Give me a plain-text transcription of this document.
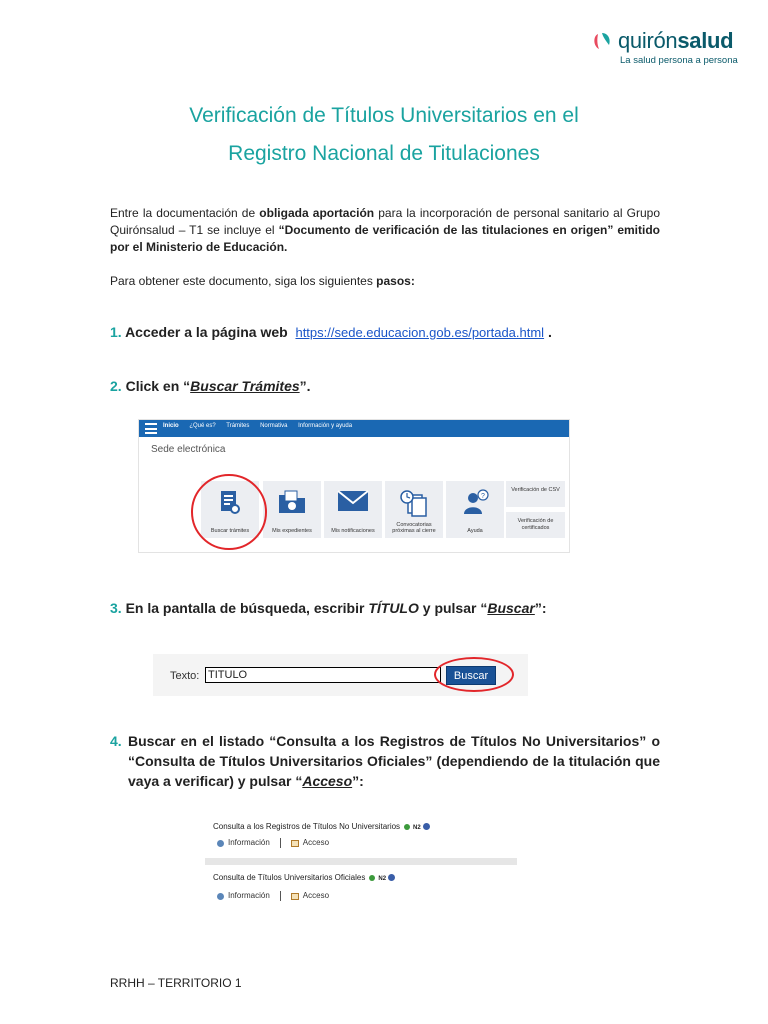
quirónsalud
La salud persona a persona
Verificación de Títulos Universitarios en el
Registro Nacional de Titulaciones
Entre la documentación de obligada aportación para la incorporación de personal sanitario al Grupo Quirónsalud – T1 se incluye el “Documento de verificación de las titulaciones en origen” emitido por el Ministerio de Educación.
Para obtener este documento, siga los siguientes pasos:
1. Acceder a la página web https://sede.educacion.gob.es/portada.html .
2. Click en “Buscar Trámites”.
Inicio ¿Qué es? Trámites Normativa Información y ayuda
Sede electrónica
Buscar trámites	Mis expedientes	Mis notificaciones
Convocatorias próximas al cierre
?
Ayuda
Verificación de CSV
Verificación de certificados
3. En la pantalla de búsqueda, escribir TÍTULO y pulsar “Buscar”:
Texto: TITULO	Buscar
4. Buscar en el listado “Consulta a los Registros de Títulos No Universitarios” o “Consulta de Títulos Universitarios Oficiales” (dependiendo de la titulación que vaya a verificar) y pulsar “Acceso”:
Consulta a los Registros de Títulos No Universitarios N2
Información	Acceso
Consulta de Títulos Universitarios Oficiales N2
Información	Acceso
RRHH – TERRITORIO 1
